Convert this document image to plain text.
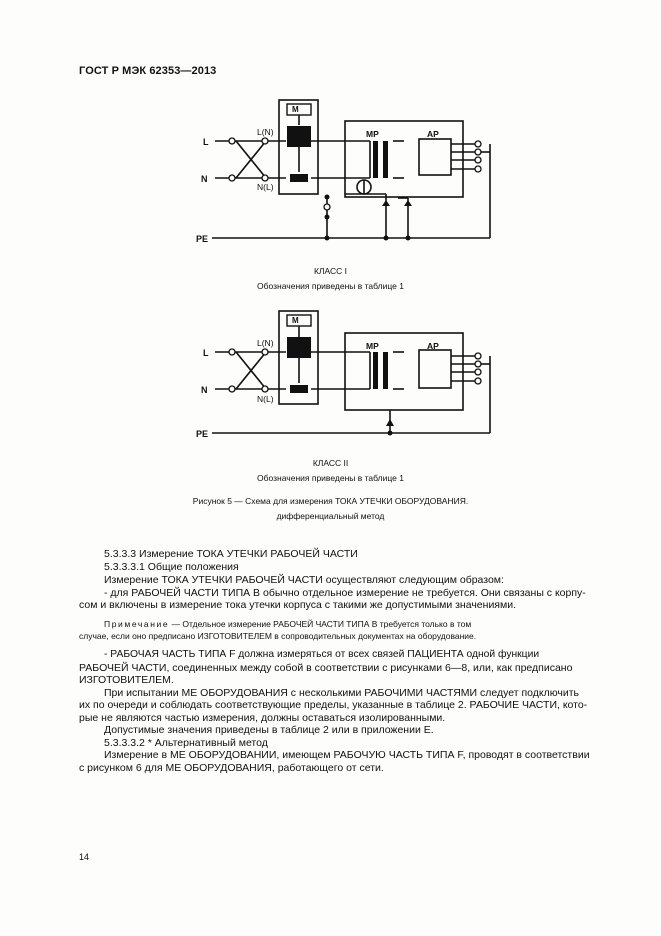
ГОСТ Р МЭК 62353—2013
M
L(N)
N(L)
L
N
MP	AP
PE
КЛАСС I
Обозначения приведены в таблице 1
M
L(N)
N(L)
L
N
MP	AP
PE
КЛАСС II
Обозначения приведены в таблице 1
Рисунок 5 — Схема для измерения ТОКА УТЕЧКИ ОБОРУДОВАНИЯ.
дифференциальный метод
5.3.3.3 Измерение ТОКА УТЕЧКИ РАБОЧЕЙ ЧАСТИ
5.3.3.3.1 Общие положения
Измерение ТОКА УТЕЧКИ РАБОЧЕЙ ЧАСТИ осуществляют следующим образом:
- для РАБОЧЕЙ ЧАСТИ ТИПА В обычно отдельное измерение не требуется. Они связаны с корпу-
сом и включены в измерение тока утечки корпуса с такими же допустимыми значениями.
Примечание — Отдельное измерение РАБОЧЕЙ ЧАСТИ ТИПА В требуется только в том
случае, если оно предписано ИЗГОТОВИТЕЛЕМ в сопроводительных документах на оборудование.
- РАБОЧАЯ ЧАСТЬ ТИПА F должна измеряться от всех связей ПАЦИЕНТА одной функции
РАБОЧЕЙ ЧАСТИ, соединенных между собой в соответствии с рисунками 6—8, или, как предписано
ИЗГОТОВИТЕЛЕМ.
При испытании МЕ ОБОРУДОВАНИЯ с несколькими РАБОЧИМИ ЧАСТЯМИ следует подключить
их по очереди и соблюдать соответствующие пределы, указанные в таблице 2. РАБОЧИЕ ЧАСТИ, кото-
рые не являются частью измерения, должны оставаться изолированными.
Допустимые значения приведены в таблице 2 или в приложении Е.
5.3.3.3.2 * Альтернативный метод
Измерение в МЕ ОБОРУДОВАНИИ, имеющем РАБОЧУЮ ЧАСТЬ ТИПА F, проводят в соответствии
с рисунком 6 для МЕ ОБОРУДОВАНИЯ, работающего от сети.
14
